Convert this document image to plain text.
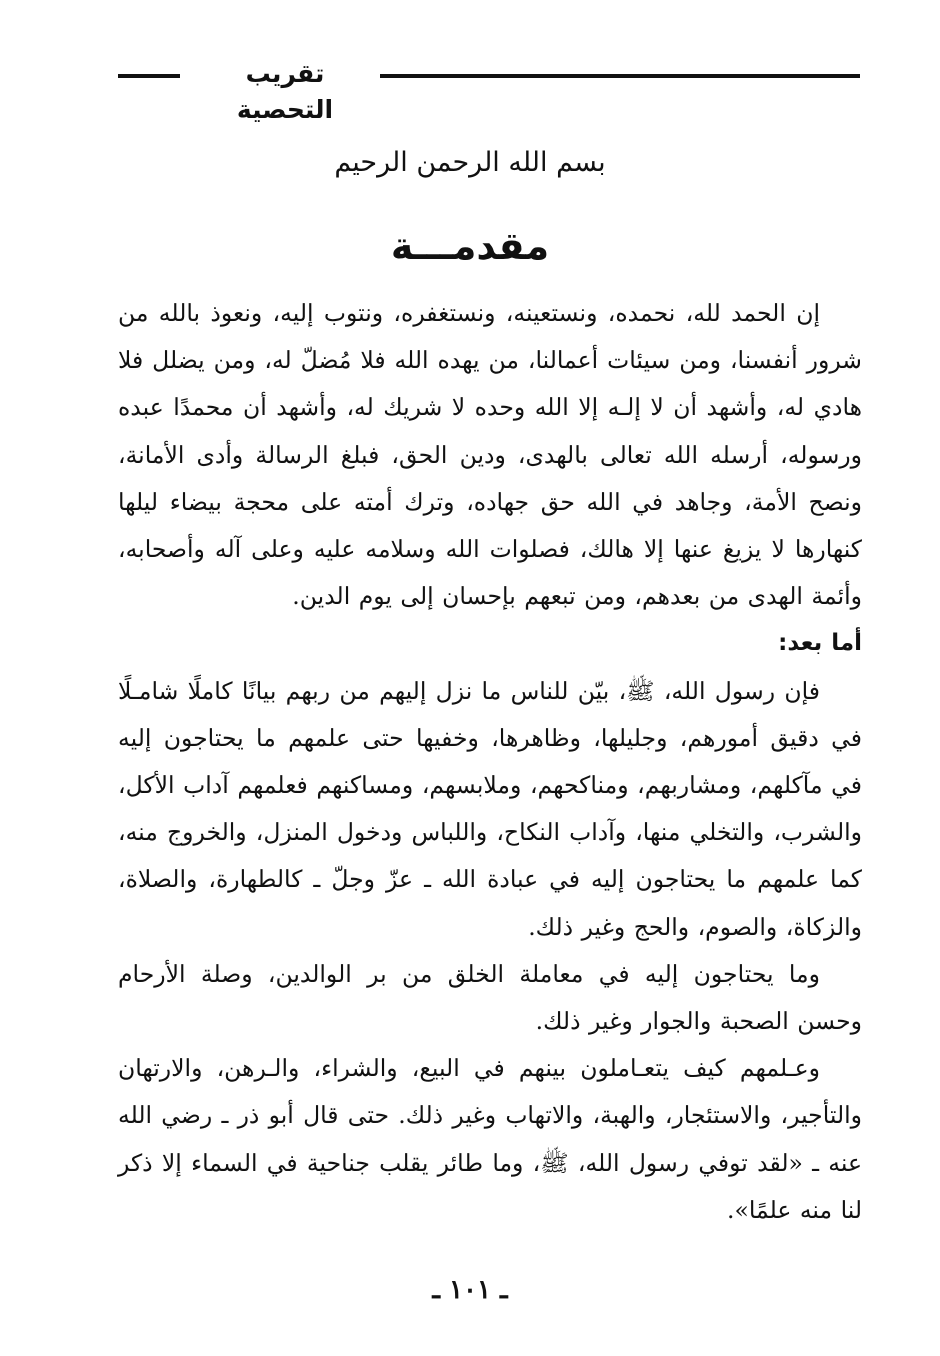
تقريب التحصية
بسم الله الرحمن الرحيم
مقدمـــة

إن الحمد لله، نحمده، ونستعينه، ونستغفره، ونتوب إليه، ونعوذ بالله من شرور أنفسنا، ومن سيئات أعمالنا، من يهده الله فلا مُضلّ له، ومن يضلل فلا هادي له، وأشهد أن لا إلـه إلا الله وحده لا شريك له، وأشهد أن محمدًا عبده ورسوله، أرسله الله تعالى بالهدى، ودين الحق، فبلغ الرسالة وأدى الأمانة، ونصح الأمة، وجاهد في الله حق جهاده، وترك أمته على محجة بيضاء ليلها كنهارها لا يزيغ عنها إلا هالك، فصلوات الله وسلامه عليه وعلى آله وأصحابه، وأئمة الهدى من بعدهم، ومن تبعهم بإحسان إلى يوم الدين.

أما بعد:

فإن رسول الله، ﷺ، بيّن للناس ما نزل إليهم من ربهم بيانًا كاملًا شامـلًا في دقيق أمورهم، وجليلها، وظاهرها، وخفيها حتى علمهم ما يحتاجون إليه في مآكلهم، ومشاربهم، ومناكحهم، وملابسهم، ومساكنهم فعلمهم آداب الأكل، والشرب، والتخلي منها، وآداب النكاح، واللباس ودخول المنزل، والخروج منه، كما علمهم ما يحتاجون إليه في عبادة الله ـ عزّ وجلّ ـ كالطهارة، والصلاة، والزكاة، والصوم، والحج وغير ذلك.

وما يحتاجون إليه في معاملة الخلق من بر الوالدين، وصلة الأرحام وحسن الصحبة والجوار وغير ذلك.

وعـلمهم كيف يتعـاملون بينهم في البيع، والشراء، والـرهن، والارتهان والتأجير، والاستئجار، والهبة، والاتهاب وغير ذلك. حتى قال أبو ذر ـ رضي الله عنه ـ «لقد توفي رسول الله، ﷺ، وما طائر يقلب جناحية في السماء إلا ذكر لنا منه علمًا».

ـ ١٠١ ـ
